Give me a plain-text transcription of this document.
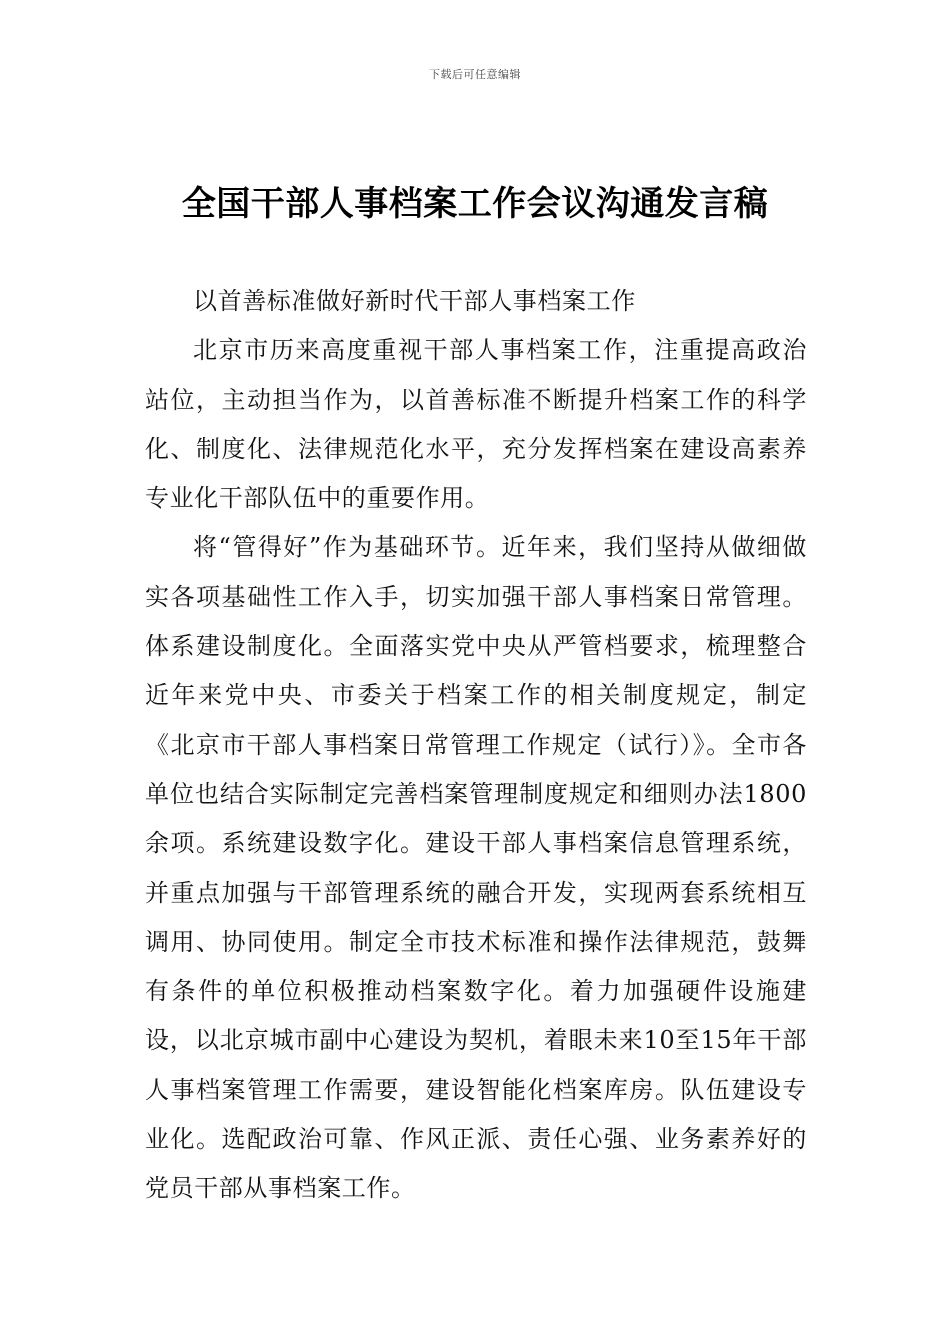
下载后可任意编辑
全国干部人事档案工作会议沟通发言稿

以首善标准做好新时代干部人事档案工作

北京市历来高度重视干部人事档案工作，注重提高政治站位，主动担当作为，以首善标准不断提升档案工作的科学化、制度化、法律规范化水平，充分发挥档案在建设高素养专业化干部队伍中的重要作用。

将“管得好”作为基础环节。近年来，我们坚持从做细做实各项基础性工作入手，切实加强干部人事档案日常管理。体系建设制度化。全面落实党中央从严管档要求，梳理整合近年来党中央、市委关于档案工作的相关制度规定，制定《北京市干部人事档案日常管理工作规定（试行）》。全市各单位也结合实际制定完善档案管理制度规定和细则办法1800余项。系统建设数字化。建设干部人事档案信息管理系统，并重点加强与干部管理系统的融合开发，实现两套系统相互调用、协同使用。制定全市技术标准和操作法律规范，鼓舞有条件的单位积极推动档案数字化。着力加强硬件设施建设，以北京城市副中心建设为契机，着眼未来10至15年干部人事档案管理工作需要，建设智能化档案库房。队伍建设专业化。选配政治可靠、作风正派、责任心强、业务素养好的党员干部从事档案工作。
